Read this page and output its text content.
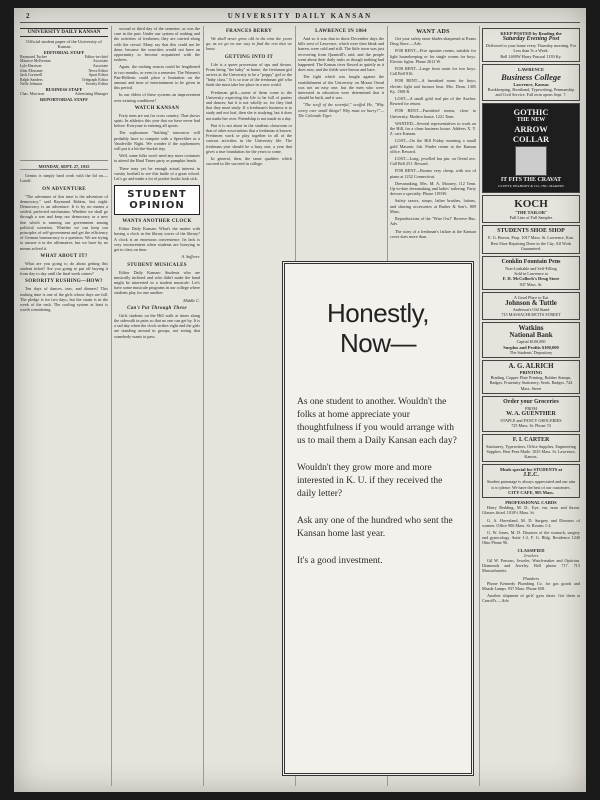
2	UNIVERSITY DAILY KANSAN
UNIVERSITY DAILY KANSAN
Official student paper of the University of Kansas
EDITORIAL STAFF
Raymond Tucker	Editor-in-chief
Maurice McKernan	Associate
Lyle Harrison	Associate
John Mossmer	News Editor
Jack Cornwell	Sport Editor
Ralph Sanders	Telegraph Editor
Nelle Johnson	Society Editor
BUSINESS STAFF
Chas. Morrison	Advertising Manager
REPORTORIAL STAFF
MONDAY, SEPT. 27, 1915

Genius is simply hard work with the lid on.—Lutoff.

ON ADVENTURE

"The adventure of this time is the adventure of democracy," said Raymond Robins, last night. Democracy is an adventure. It is by no means a settled, perfected mechanism. Whether we shall go through a war and keep our democracy or a new line which is running our government among political scientists. Whether we can keep our principles of self-government and get the efficiency of German bureaucracy is a question. We are trying to answer it in the affirmative, but we have by no means solved it.

WHAT ABOUT IT?

What are you going to do about getting this student ticket? Are you going to put off buying it from day to day until the final week comes?

SORORITY RUSHING—HOW?

Ten days of dances, teas, and dinners! This rushing time is one of the girls whose days are full. The pledge is for two days, but the strain is in the week of the rush. The cooling system at least is worth considering.

second or third day of the semester, as was the case in the past. Under our system of rushing and the activities of freshmen, they are carried along with the crowd. Many say that this could not be done, because the sororities would not have an opportunity to become acquainted with the rushees.

Again, the rushing season could be lengthened to two months, or even to a semester. The Women's Pan-Hellenic could place a limitation on the amount and time of entertainment to be given in this period.

In our eldest of these systems an improvement over existing conditions?

WATCH KANSAN

Forty men are out for cross country. That shows spirit. In athletics this year that we have never had before. Everyone is entering all sports.

The sophomore "Snifting" tomorrow will probably have to compete with a Speechlier or a Vaudeville Night. We wonder if the sophomores will put it a hit-the-bucket trip.

Well, some folks won't need any more costumes to attend the Hard Times party as pumpkin heads.

There may yet be enough actual interest in varsity football to see this battle of a great school. Let's go and make a lot of pocket books look sick.

STUDENT
OPINION
WANTS ANOTHER CLOCK

Editor Daily Kansan: What's the matter with having a clock in the library tower of the library? A clock is an enormous convenience. Its lack is very inconvenient when students are hurrying to get to class on time.

A. Sufferer.
STUDENT MUSICALES

Editor Daily Kansan: Students who are musically inclined and who didn't make the band might be interested in a student musicale. Let's have some musicale programs in our college where students play for one another.

Middle C.
Can't Put Through These

Girls students on the Hill walk at times along the sidewalk in pairs so that no one can get by. It is a sad day when the clock strikes eight and the girls are standing around in groups, not seeing that somebody wants to pass.

FRANCES BERRY

We shall never grow old in the time the years go, as we go on our way to find the rest that we know.

GETTING INTO IT

Life is a queer procession of ups and downs. From being "the baby" at home, the freshman girl arrives at the University to be a "peppy" girl or the "baby class." It is so true of the freshman girl who finds she must take her place in a new world.

Freshman girls—some of them come to the University expecting the life to be full of parties and dances; but it is not wholly so, for they find that they must study. If a freshman's business is to study and not loaf, then she is studying, but it does not make her over. Friendship is not made in a day.

But it is not alone in the students classroom or that of other associations that a freshman is known. Freshmen work or play together in all of the various activities in the University life. The freshman year should be a busy one, a year that gives a true foundation for the years to come.

In general, then, the same qualities which succeed in life succeed in college.

LAWRENCE IN 1864

And so it was that in those December days the hills west of Lawrence, which were then bleak and barren, were cold and still. The little town was just recovering from Quantrill's raid, and the people went about their daily tasks as though nothing had happened. The Kansas river flowed as quietly as it does now, and the fields were brown and bare.

The fight which was fought against the establishment of the University on Mount Oread was not an easy one, but the men who were interested in education were determined that it should be built, and it was.

"The scoff of the scornful," scoffed He, "Why worry over small things? Why must we hurry?"—The Colorado Tiger.

WANT ADS

Get your safety razor blades sharpened at Evans Drug Store.—Adv.

FOR RENT—Five upstairs rooms, suitable for light housekeeping or for single rooms for boys. Electric lights. Phone 2612 W.

FOR RENT—Large front room for two boys. Call Bell 816.

FOR RENT—A furnished room for boys; electric light and furnace heat. Mrs. Dean, 1305 Ky. 1308 R.

LOST—A small gold seal pin of the Anchor. Reward for return.

FOR RENT—Furnished rooms, close to University. Modern house. 1221 Tenn.

WANTED—Several representatives to work on the Hill, for a clean business house. Address X. Y. Z. care Kansan.

LOST—On the Hill Friday morning a small gold Masonic fob. Finder return to the Kansan office. Reward.

LOST—Long, jewelled bar pin, on Oread ave. Call Bell 251. Reward.

FOR RENT—Rooms very cheap, with use of piano at 1232 Connecticut.

Dressmaking, Mrs. M. A. Mooney, 112 Tenn. Up-to-date dressmaking and ladies' tailoring. Party dresses a specialty. Phone 1193W.

Safety razors, strops, lather brushes, lotions, and shaving accessories at Barber & Son's, 809 Mass.

Reproductions of the "Wise Owl" Reserve Bus. Adv.

The story of a freshman's failure at the Kansan cover does more than.

Honestly,
Now—
As one student to another. Wouldn't the folks at home appreciate your thoughtfulness if you would arrange with us to mail them a Daily Kansan each day?
Wouldn't they grow more and more interested in K. U. if they received the daily letter?
Ask any one of the hundred who sent the Kansan home last year.
It's a good investment.
KEEP POSTED by Reading the
Saturday Evening Post
Delivered to your home every Thursday morning. For Less than 5c a Week.
Bell 1469W Harry Pascual 1139 Ky.
LAWRENCE
Business College
Lawrence, Kansas
Bookkeeping, Shorthand, Typewriting, Penmanship and Civil Service. Fall term opens Sept. 7.
GOTHIC
THE NEW
ARROW
COLLAR
IT FITS THE CRAVAT
CLUETT, PEABODY & CO., INC. MAKERS
KOCH
"THE TAILOR"
Full Line of Fall Samples
STUDENTS SHOE SHOP
E. G. Brown, Prop. 1017 Mass. St. Lawrence, Kan. Best Shoe Repairing Done in the City. All Work Guaranteed.
Conklin Fountain Pens
Non-Leakable and Self-Filling
Sold in Lawrence at
F. D. McColloch's Drug Store
847 Mass. St.
A Good Place to Eat
Johnson & Tuttle
Anderson's Old Stand
715 MASSACHUSETTS STREET
Watkins
National Bank
Capital $100,000
Surplus and Profits $100,000
The Students' Depository
A. G. ALRICH
PRINTING
Binding, Copper Plate Printing, Rubber Stamps, Badges, Fraternity Stationery, Seals, Badges. 744 Mass. Street
Order your Groceries
FROM
W. A. GUENTHER
STAPLE and FANCY GROCERIES
725 Mass. St. Phone 74
F. I. CARTER
Stationery, Typewriters, Office Supplies, Engineering Supplies. Best Pens Made. 1025 Mass. St. Lawrence, Kansas.
Meals special for STUDENTS at
J.E.C.
Student patronage is always appreciated and our aim is to please. We have the best of our customers.
CITY CAFE, 905 Mass.
PROFESSIONAL CARDS

Harry Redding, M. D., Eye, ear, nose and throat. Glasses fitted. 1010½ Mass. St.

G. A. Haverland, M. D. Surgery and Diseases of women. Office 906 Mass. St. Rooms 1-2.

G. W. Jones, M. D. Diseases of the stomach, surgery and gynecology. Suite 1-2, F. G. Bldg. Residence 1240 Ohio Phone 96.

CLASSIFIED
Jewelers

Gil W. Parsons, Jeweler, Watch-maker and Optician. Diamonds and Jewelry. Bell phone 717. 713 Massachusetts.

Plumbers

Phone Kennedy Plumbing Co. for gas goods and Mazda Lamps. 937 Mass. Phone 658.

Another shipment of girls' gym shoes. Get them at Carroll's.—Adv.
